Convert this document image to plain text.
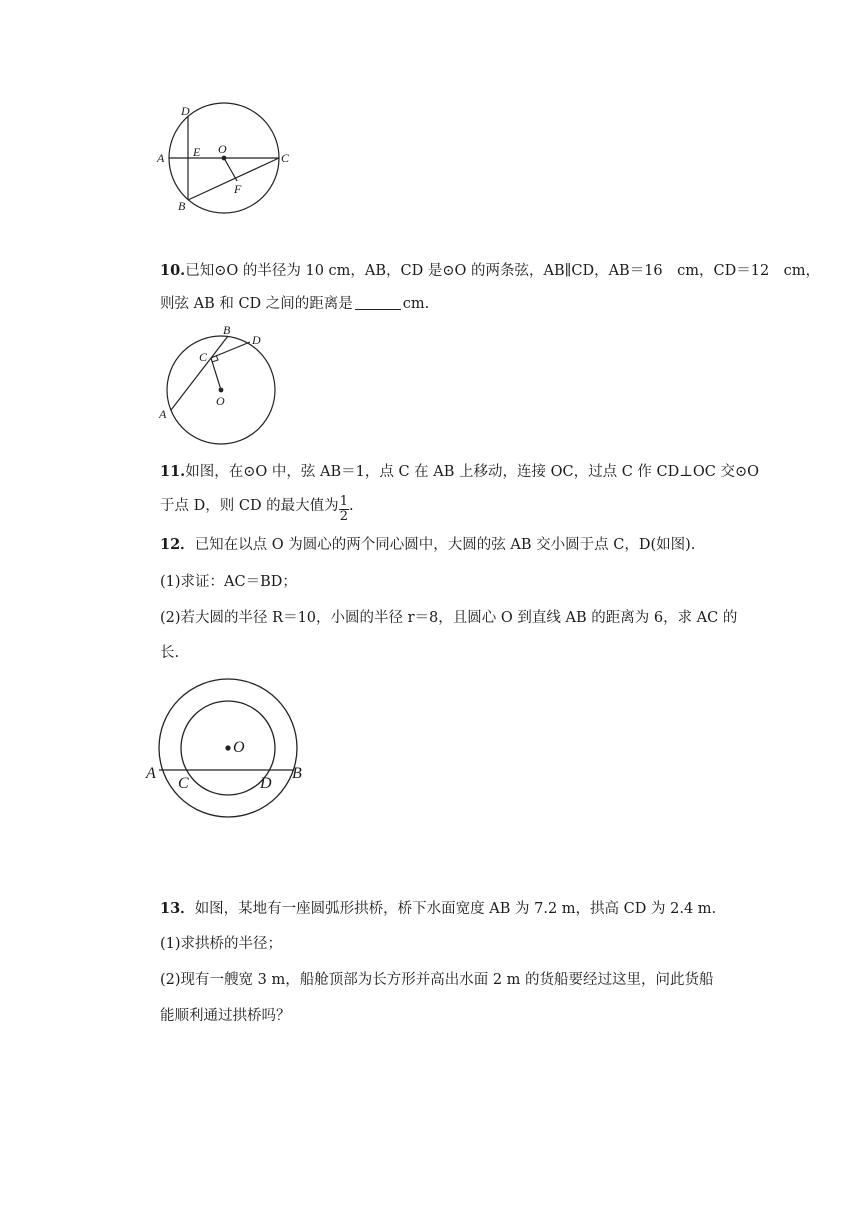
D
A E O
C
F
B
10.已知⊙O 的半径为 10 cm，AB，CD 是⊙O 的两条弦，AB∥CD，AB＝16　cm，CD＝12　cm，
则弦 AB 和 CD 之间的距离是	cm.
B
D
C
O
A
11.如图，在⊙O 中，弦 AB＝1，点 C 在 AB 上移动，连接 OC，过点 C 作 CD⊥OC 交⊙O
于点 D，则 CD 的最大值为 $\frac{1}{2}$ .
12．已知在以点 O 为圆心的两个同心圆中，大圆的弦 AB 交小圆于点 C，D(如图).
(1)求证：AC＝BD；
(2)若大圆的半径 R＝10，小圆的半径 r＝8，且圆心 O 到直线 AB 的距离为 6，求 AC 的
长.
A
C
O
D
B
13．如图，某地有一座圆弧形拱桥，桥下水面宽度 AB 为 7.2 m，拱高 CD 为 2.4 m.
(1)求拱桥的半径；
(2)现有一艘宽 3 m，船舱顶部为长方形并高出水面 2 m 的货船要经过这里，问此货船
能顺利通过拱桥吗？
